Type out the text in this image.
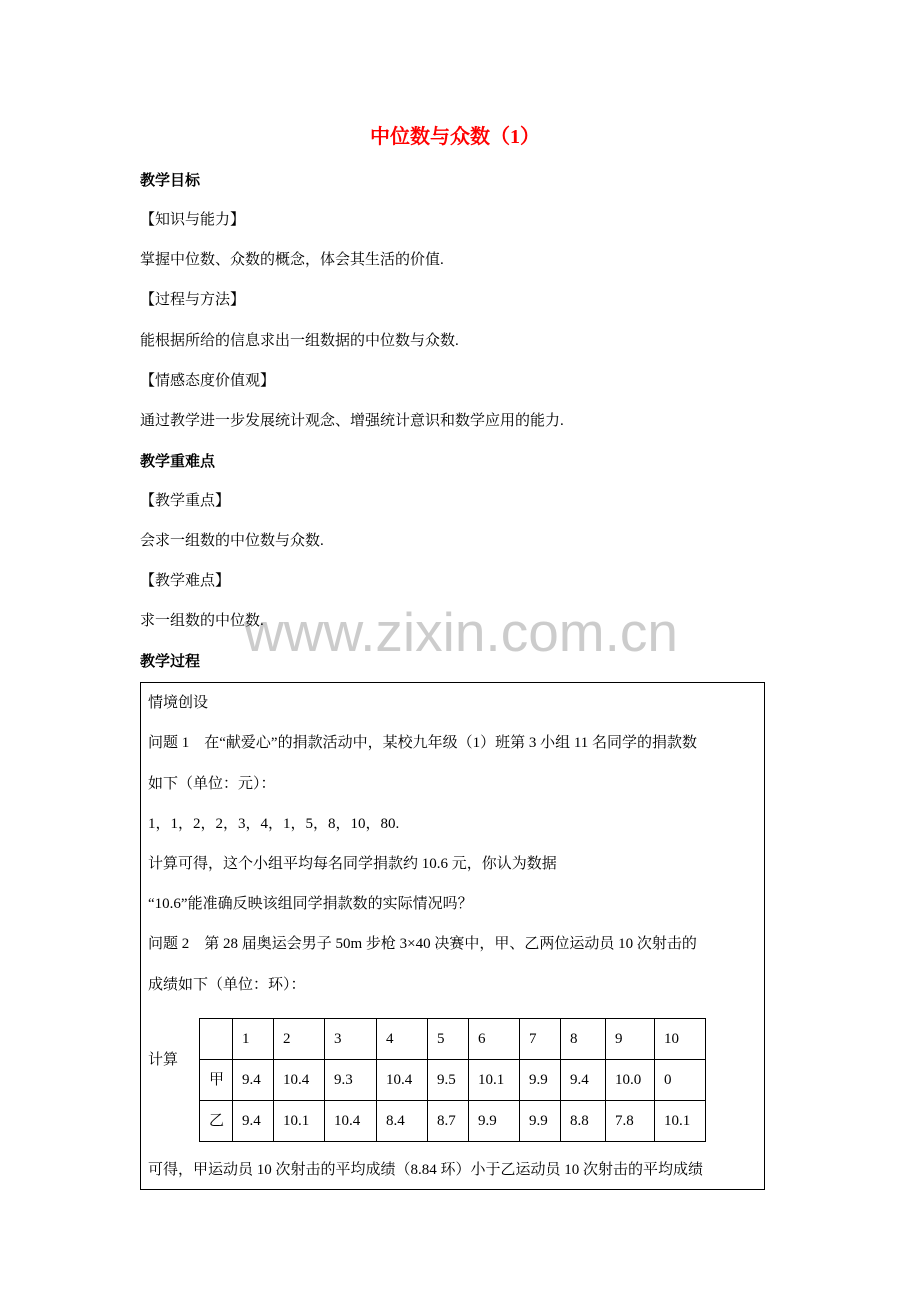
中位数与众数（1）
www.zixin.com.cn
教学目标
【知识与能力】
掌握中位数、众数的概念，体会其生活的价值.
【过程与方法】
能根据所给的信息求出一组数据的中位数与众数.
【情感态度价值观】
通过教学进一步发展统计观念、增强统计意识和数学应用的能力.
教学重难点
【教学重点】
会求一组数的中位数与众数.
【教学难点】
求一组数的中位数.
教学过程
情境创设
问题 1　在“献爱心”的捐款活动中，某校九年级（1）班第 3 小组 11 名同学的捐款数
如下（单位：元）：
1，1，2，2，3，4，1，5，8，10，80.
计算可得，这个小组平均每名同学捐款约 10.6 元，你认为数据
“10.6”能准确反映该组同学捐款数的实际情况吗？
问题 2　第 28 届奥运会男子 50m 步枪 3×40 决赛中，甲、乙两位运动员 10 次射击的
成绩如下（单位：环）：
计算
	1	2	3	4	5	6	7	8	9	10
甲	9.4	10.4	9.3	10.4	9.5	10.1	9.9	9.4	10.0	0
乙	9.4	10.1	10.4	8.4	8.7	9.9	9.9	8.8	7.8	10.1
可得，甲运动员 10 次射击的平均成绩（8.84 环）小于乙运动员 10 次射击的平均成绩
